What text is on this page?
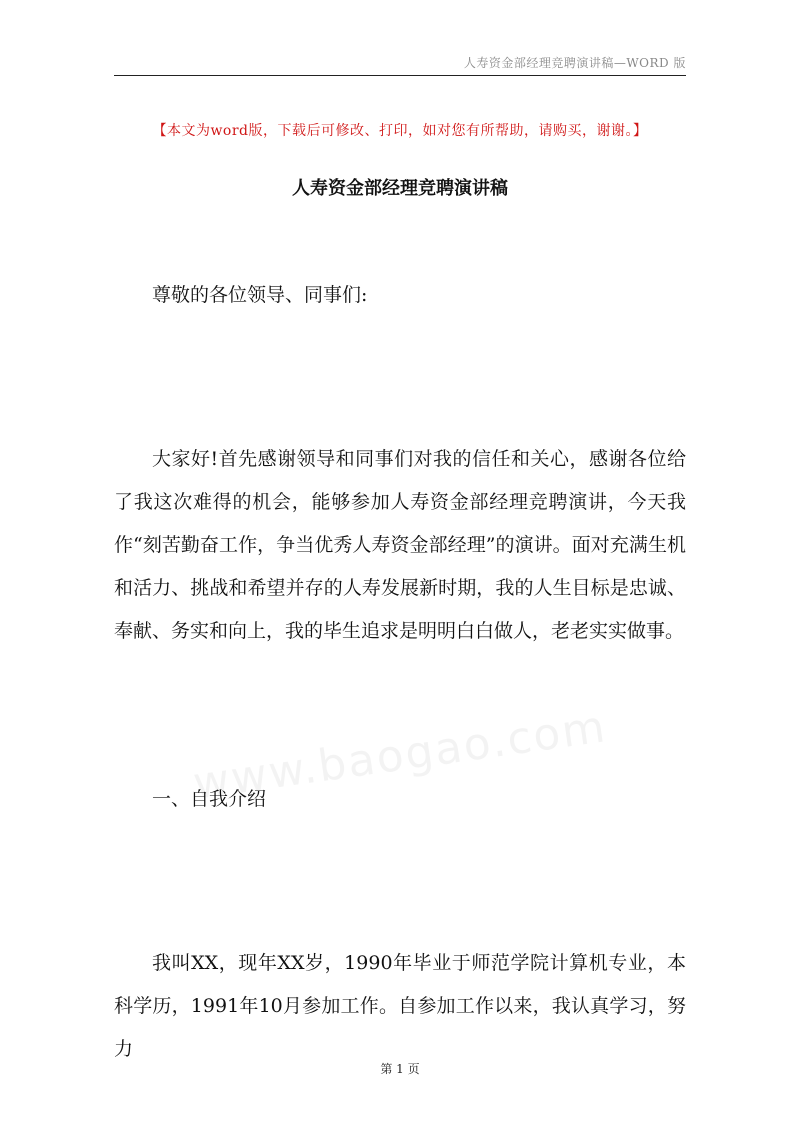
人寿资金部经理竞聘演讲稿—WORD 版
【本文为word版，下载后可修改、打印，如对您有所帮助，请购买，谢谢。】
人寿资金部经理竞聘演讲稿

尊敬的各位领导、同事们:

大家好!首先感谢领导和同事们对我的信任和关心，感谢各位给了我这次难得的机会，能够参加人寿资金部经理竞聘演讲，今天我作“刻苦勤奋工作，争当优秀人寿资金部经理”的演讲。面对充满生机和活力、挑战和希望并存的人寿发展新时期，我的人生目标是忠诚、奉献、务实和向上，我的毕生追求是明明白白做人，老老实实做事。

一、自我介绍

我叫XX，现年XX岁，1990年毕业于师范学院计算机专业，本科学历，1991年10月参加工作。自参加工作以来，我认真学习，努力

第 1 页
